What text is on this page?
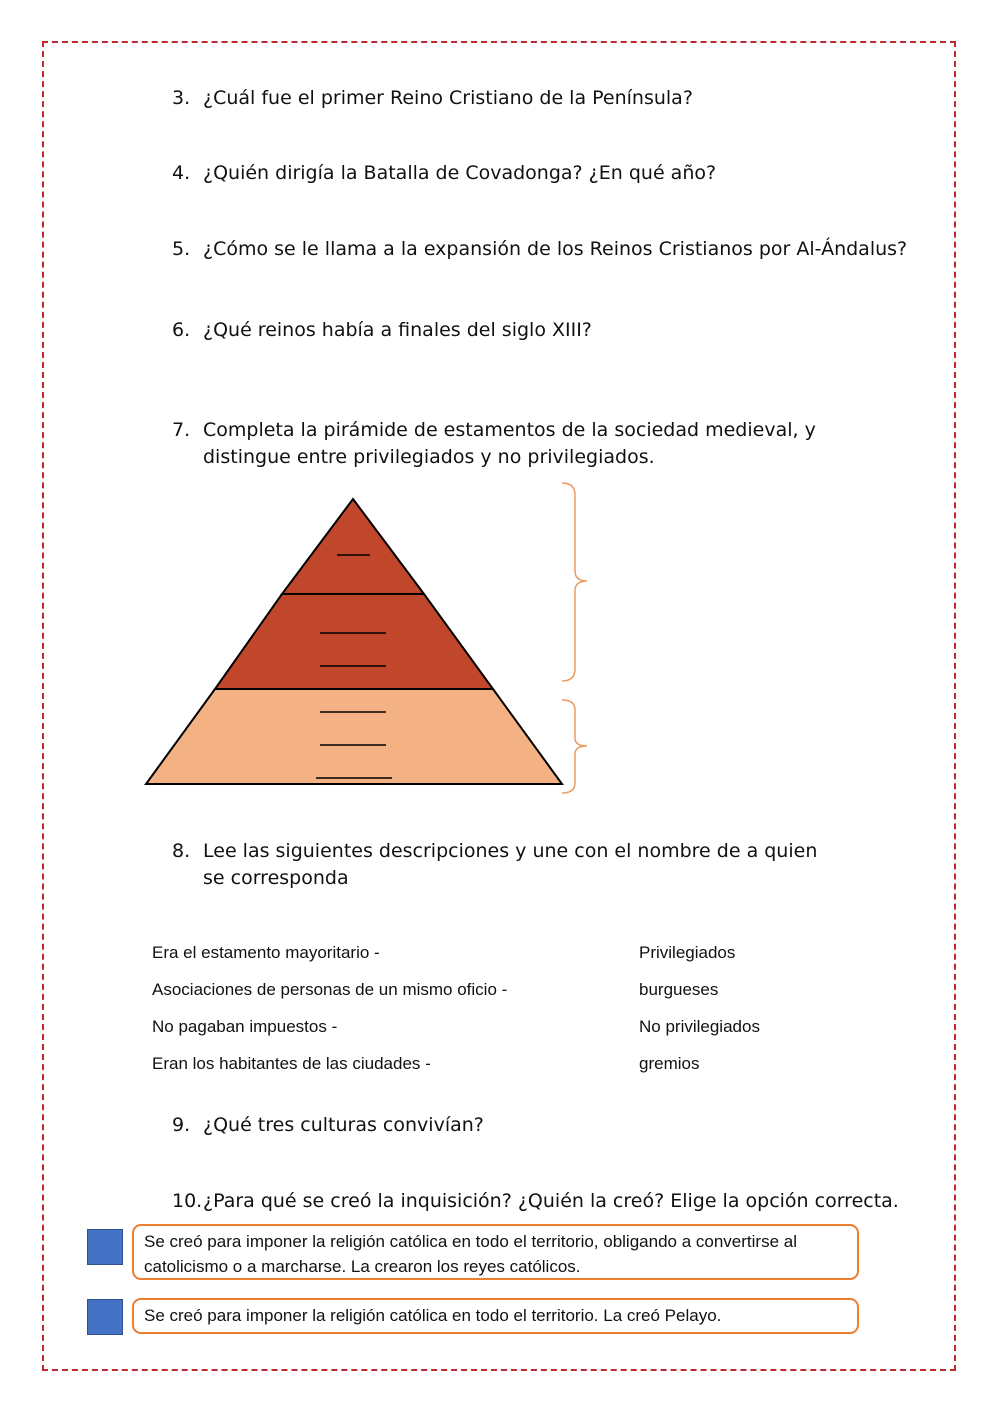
3. ¿Cuál fue el primer Reino Cristiano de la Península?
4. ¿Quién dirigía la Batalla de Covadonga? ¿En qué año?
5. ¿Cómo se le llama a la expansión de los Reinos Cristianos por Al-Ándalus?
6. ¿Qué reinos había a finales del siglo XIII?
7. Completa la pirámide de estamentos de la sociedad medieval, y distingue entre privilegiados y no privilegiados.
8. Lee las siguientes descripciones y une con el nombre de a quien se corresponda
Era el estamento mayoritario -
Asociaciones de personas de un mismo oficio -
No pagaban impuestos -
Eran los habitantes de las ciudades -
Privilegiados
burgueses
No privilegiados
gremios
9. ¿Qué tres culturas convivían?
10. ¿Para qué se creó la inquisición? ¿Quién la creó? Elige la opción correcta.
Se creó para imponer la religión católica en todo el territorio, obligando a convertirse al catolicismo o a marcharse. La crearon los reyes católicos.
Se creó para imponer la religión católica en todo el territorio. La creó Pelayo.
